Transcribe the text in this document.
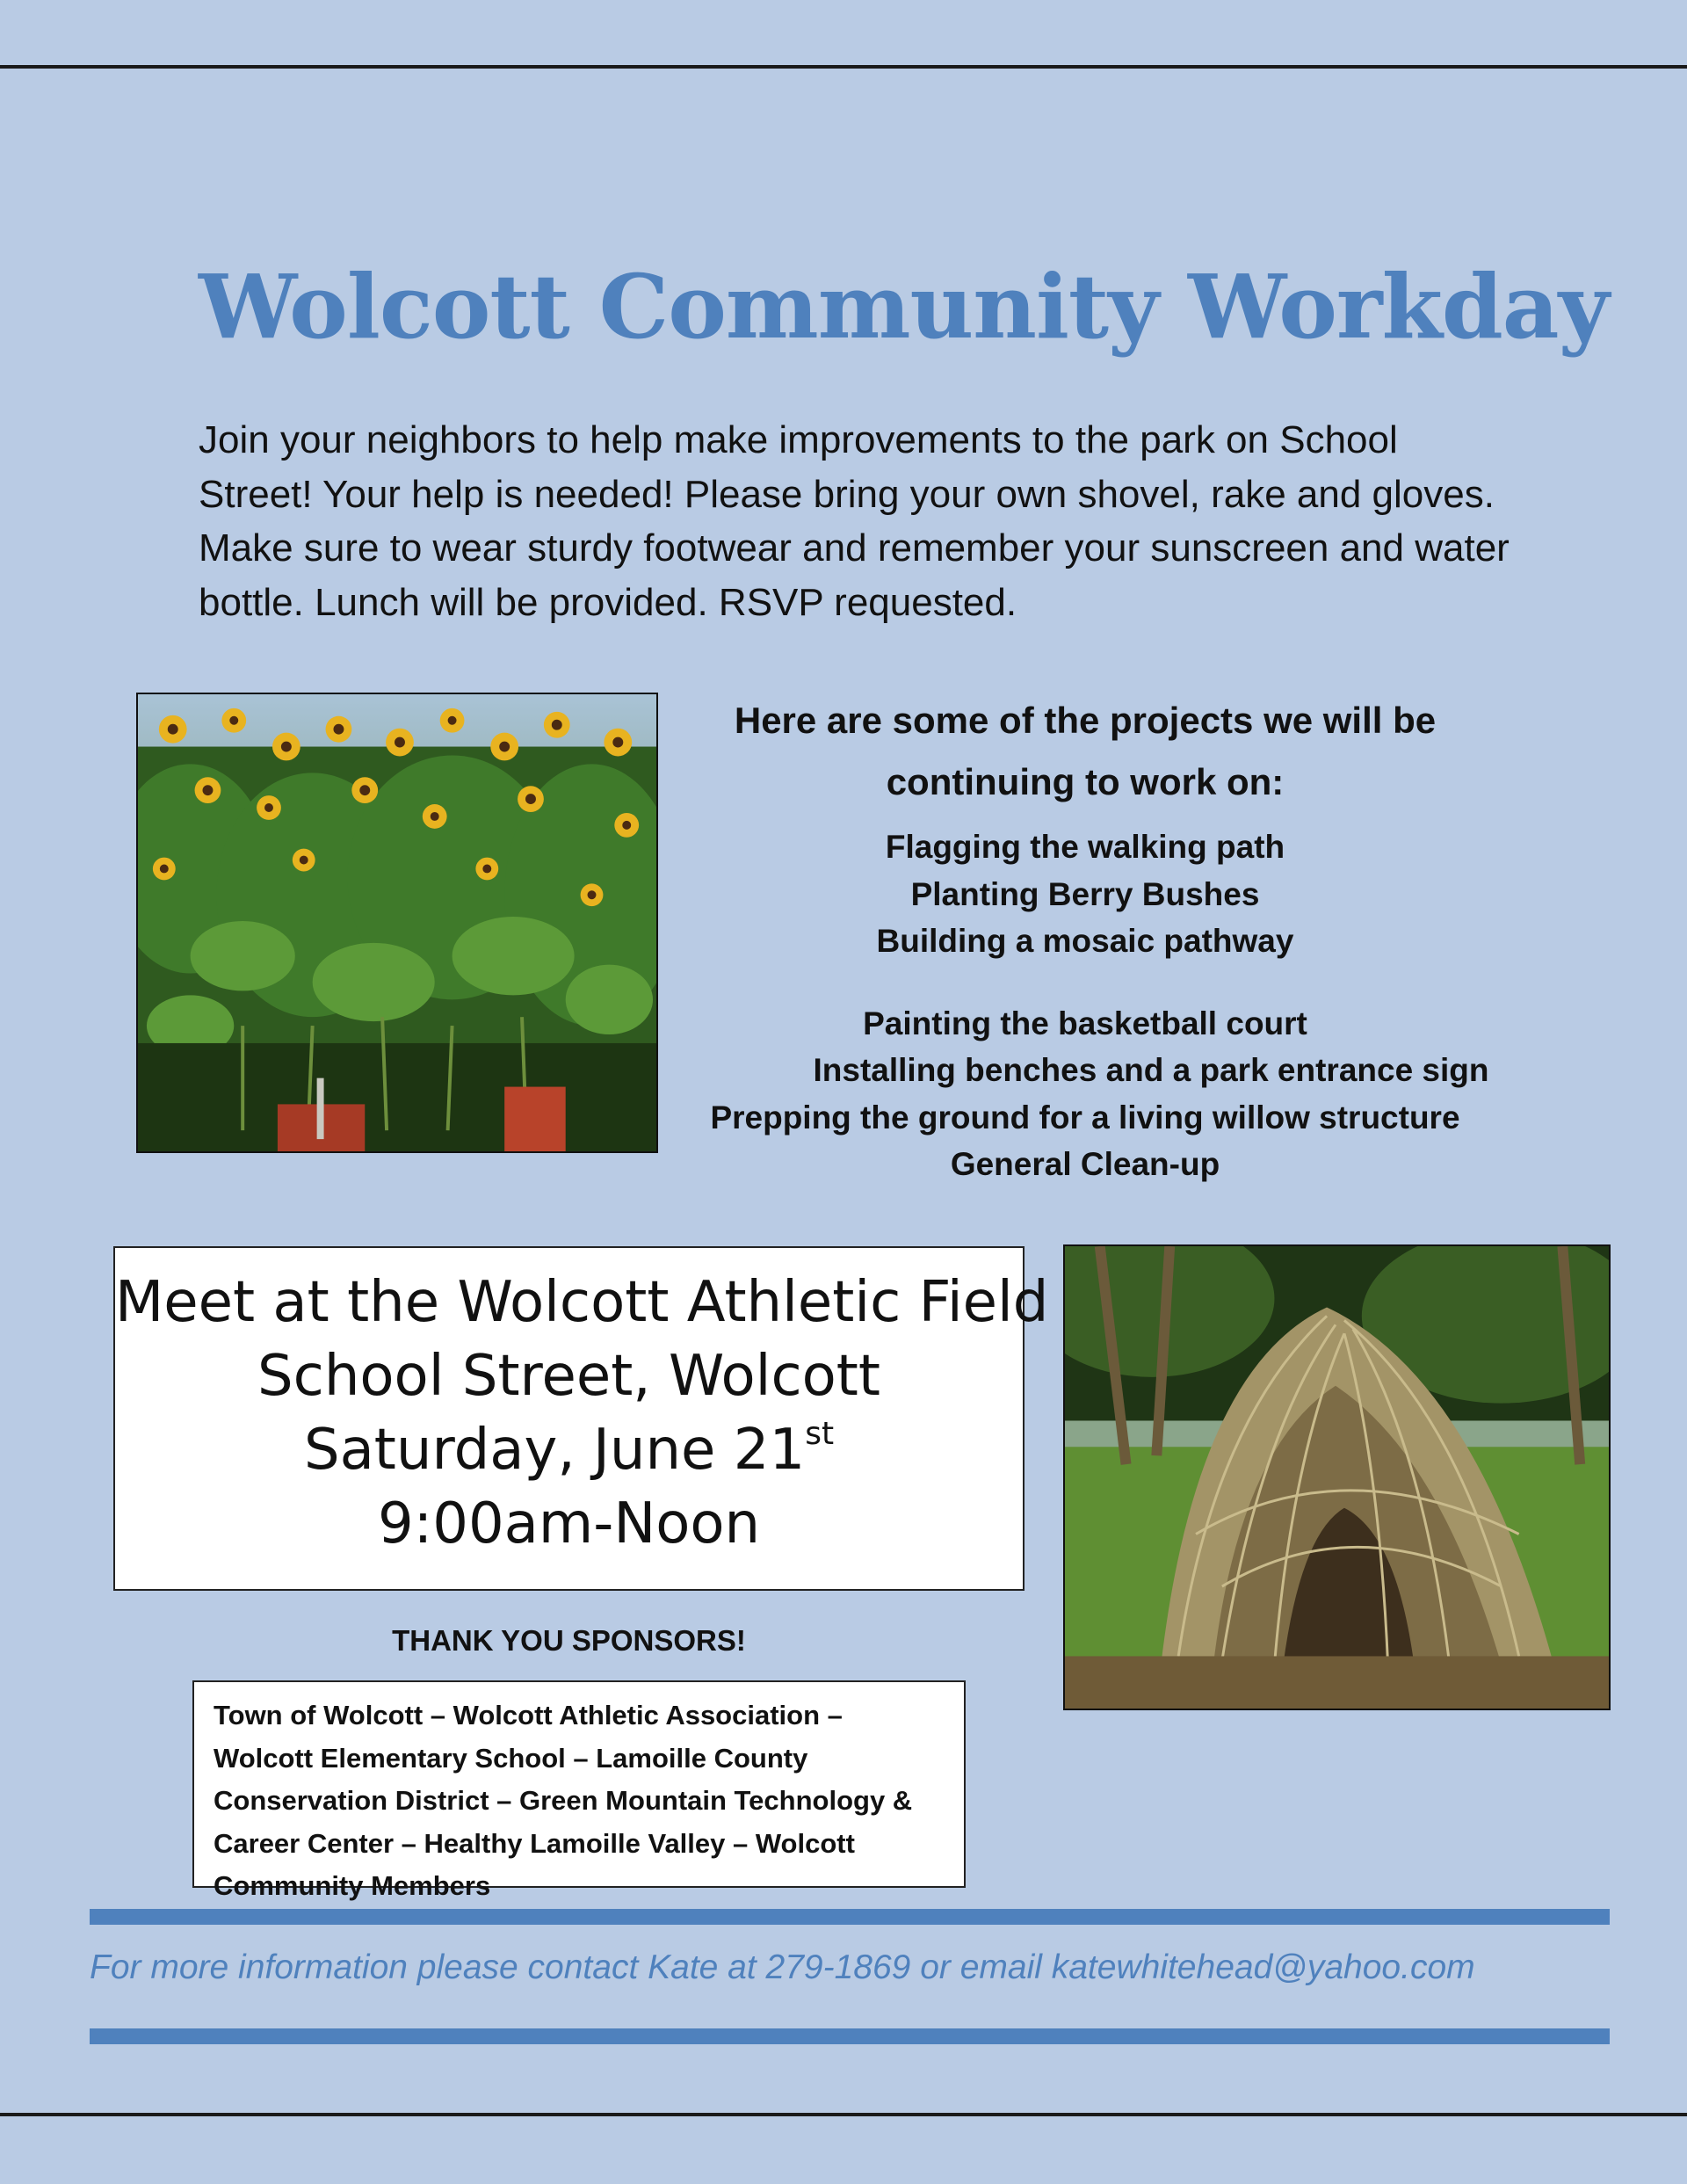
Wolcott Community Workday

Join your neighbors to help make improvements to the park on School Street! Your help is needed! Please bring your own shovel, rake and gloves. Make sure to wear sturdy footwear and remember your sunscreen and water bottle. Lunch will be provided. RSVP requested.

Here are some of the projects we will be
continuing to work on:

Flagging the walking path
Planting Berry Bushes
Building a mosaic pathway
Painting the basketball court
Installing benches and a park entrance sign
Prepping the ground for a living willow structure
General Clean-up
Meet at the Wolcott Athletic Field
School Street, Wolcott
Saturday, June 21st
9:00am-Noon

THANK YOU SPONSORS!

Town of Wolcott – Wolcott Athletic Association – Wolcott Elementary School – Lamoille County Conservation District – Green Mountain Technology & Career Center – Healthy Lamoille Valley – Wolcott Community Members

For more information please contact Kate at 279-1869 or email katewhitehead@yahoo.com
